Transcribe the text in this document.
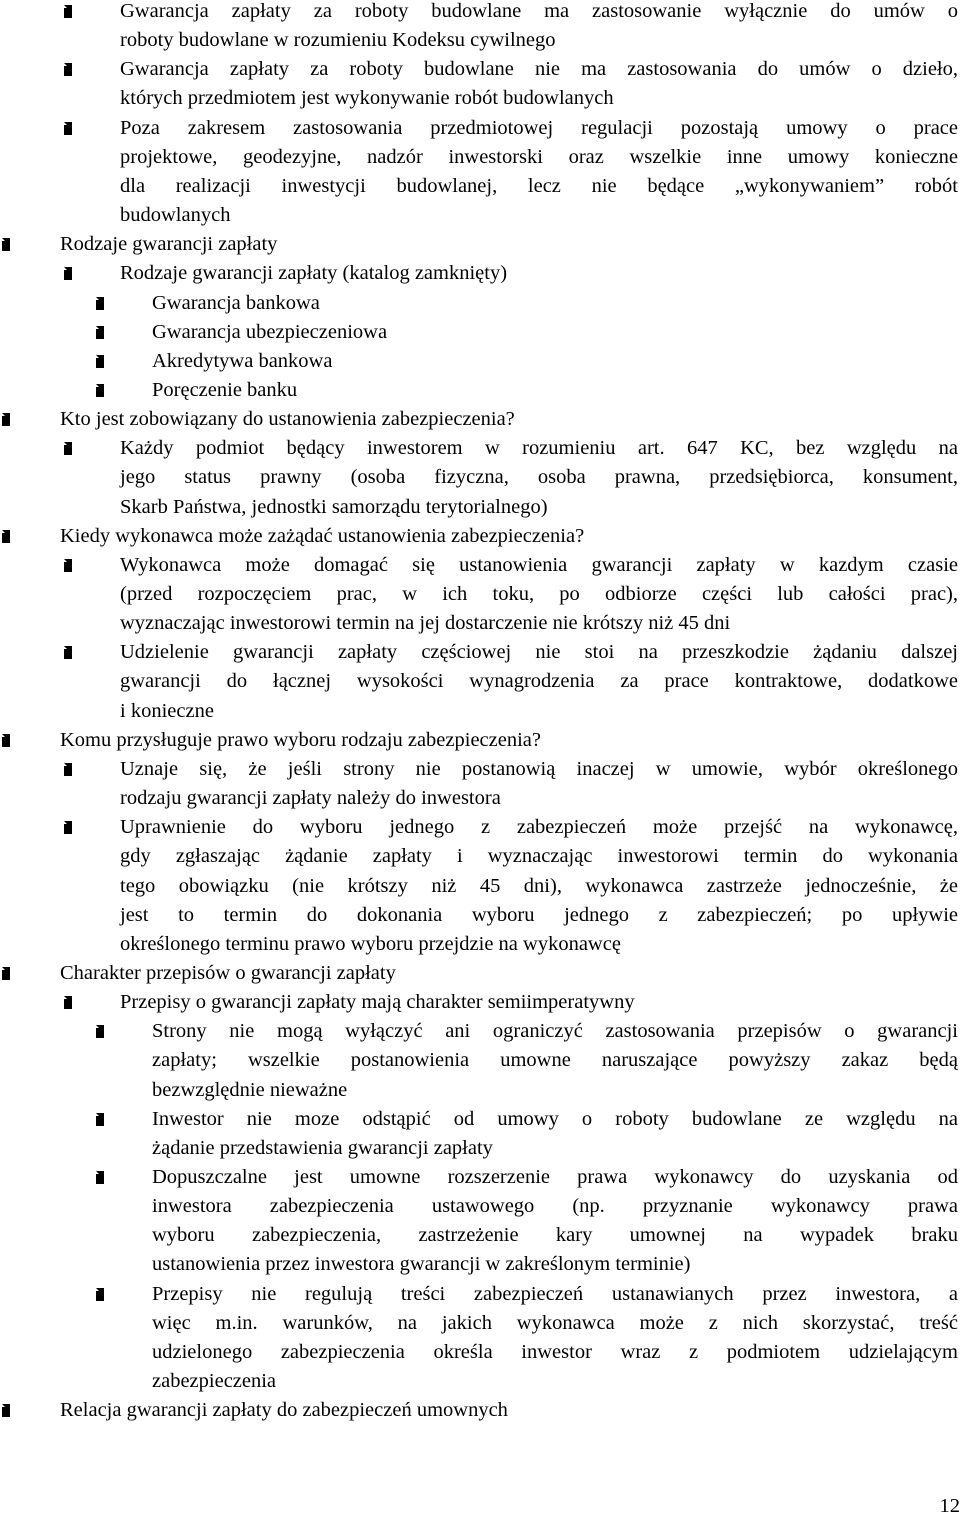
Gwarancja zapłaty za roboty budowlane ma zastosowanie wyłącznie do umów o
roboty budowlane w rozumieniu Kodeksu cywilnego
Gwarancja zapłaty za roboty budowlane nie ma zastosowania do umów o dzieło,
których przedmiotem jest wykonywanie robót budowlanych
Poza zakresem zastosowania przedmiotowej regulacji pozostają umowy o prace
projektowe, geodezyjne, nadzór inwestorski oraz wszelkie inne umowy konieczne
dla realizacji inwestycji budowlanej, lecz nie będące „wykonywaniem” robót
budowlanych
Rodzaje gwarancji zapłaty
Rodzaje gwarancji zapłaty (katalog zamknięty)
Gwarancja bankowa
Gwarancja ubezpieczeniowa
Akredytywa bankowa
Poręczenie banku
Kto jest zobowiązany do ustanowienia zabezpieczenia?
Każdy podmiot będący inwestorem w rozumieniu art. 647 KC, bez względu na
jego status prawny (osoba fizyczna, osoba prawna, przedsiębiorca, konsument,
Skarb Państwa, jednostki samorządu terytorialnego)
Kiedy wykonawca może zażądać ustanowienia zabezpieczenia?
Wykonawca może domagać się ustanowienia gwarancji zapłaty w kazdym czasie
(przed rozpoczęciem prac, w ich toku, po odbiorze części lub całości prac),
wyznaczając inwestorowi termin na jej dostarczenie nie krótszy niż 45 dni
Udzielenie gwarancji zapłaty częściowej nie stoi na przeszkodzie żądaniu dalszej
gwarancji do łącznej wysokości wynagrodzenia za prace kontraktowe, dodatkowe
i konieczne
Komu przysługuje prawo wyboru rodzaju zabezpieczenia?
Uznaje się, że jeśli strony nie postanowią inaczej w umowie, wybór określonego
rodzaju gwarancji zapłaty należy do inwestora
Uprawnienie do wyboru jednego z zabezpieczeń może przejść na wykonawcę,
gdy zgłaszając żądanie zapłaty i wyznaczając inwestorowi termin do wykonania
tego obowiązku (nie krótszy niż 45 dni), wykonawca zastrzeże jednocześnie, że
jest to termin do dokonania wyboru jednego z zabezpieczeń; po upływie
określonego terminu prawo wyboru przejdzie na wykonawcę
Charakter przepisów o gwarancji zapłaty
Przepisy o gwarancji zapłaty mają charakter semiimperatywny
Strony nie mogą wyłączyć ani ograniczyć zastosowania przepisów o gwarancji
zapłaty; wszelkie postanowienia umowne naruszające powyższy zakaz będą
bezwzględnie nieważne
Inwestor nie moze odstąpić od umowy o roboty budowlane ze względu na
żądanie przedstawienia gwarancji zapłaty
Dopuszczalne jest umowne rozszerzenie prawa wykonawcy do uzyskania od
inwestora zabezpieczenia ustawowego (np. przyznanie wykonawcy prawa
wyboru zabezpieczenia, zastrzeżenie kary umownej na wypadek braku
ustanowienia przez inwestora gwarancji w zakreślonym terminie)
Przepisy nie regulują treści zabezpieczeń ustanawianych przez inwestora, a
więc m.in. warunków, na jakich wykonawca może z nich skorzystać, treść
udzielonego zabezpieczenia określa inwestor wraz z podmiotem udzielającym
zabezpieczenia
Relacja gwarancji zapłaty do zabezpieczeń umownych
12
